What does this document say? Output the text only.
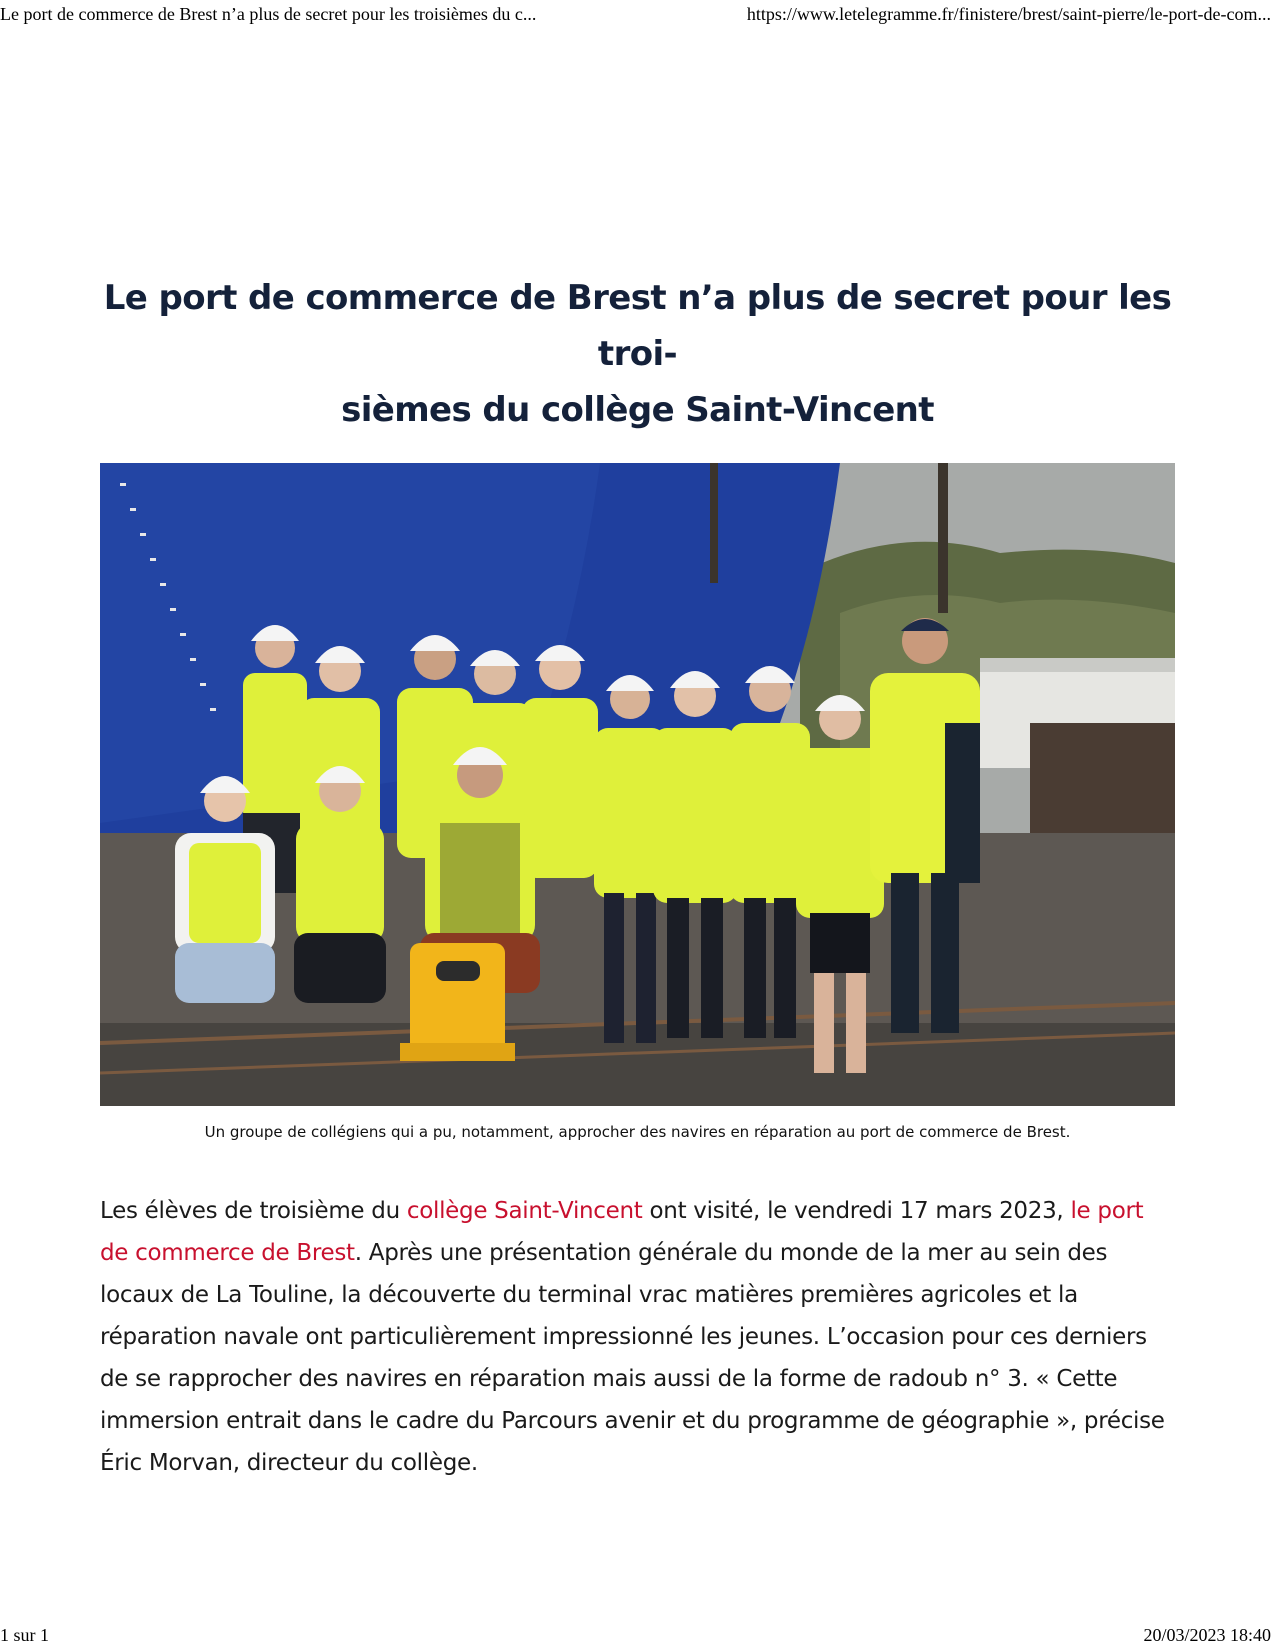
Le port de commerce de Brest n’a plus de secret pour les troisièmes du c...	https://www.letelegramme.fr/finistere/brest/saint-pierre/le-port-de-com...
Le port de commerce de Brest n’a plus de secret pour les troi-
sièmes du collège Saint-Vincent
Un groupe de collégiens qui a pu, notamment, approcher des navires en réparation au port de commerce de Brest.

Les élèves de troisième du collège Saint-Vincent ont visité, le vendredi 17 mars 2023, le port de commerce de Brest. Après une présentation générale du monde de la mer au sein des locaux de La Touline, la découverte du terminal vrac matières premières agricoles et la réparation navale ont particulièrement impressionné les jeunes. L’occasion pour ces derniers de se rapprocher des navires en réparation mais aussi de la forme de radoub n° 3. « Cette immersion entrait dans le cadre du Parcours avenir et du programme de géographie », précise Éric Morvan, directeur du collège.

1 sur 1	20/03/2023 18:40
